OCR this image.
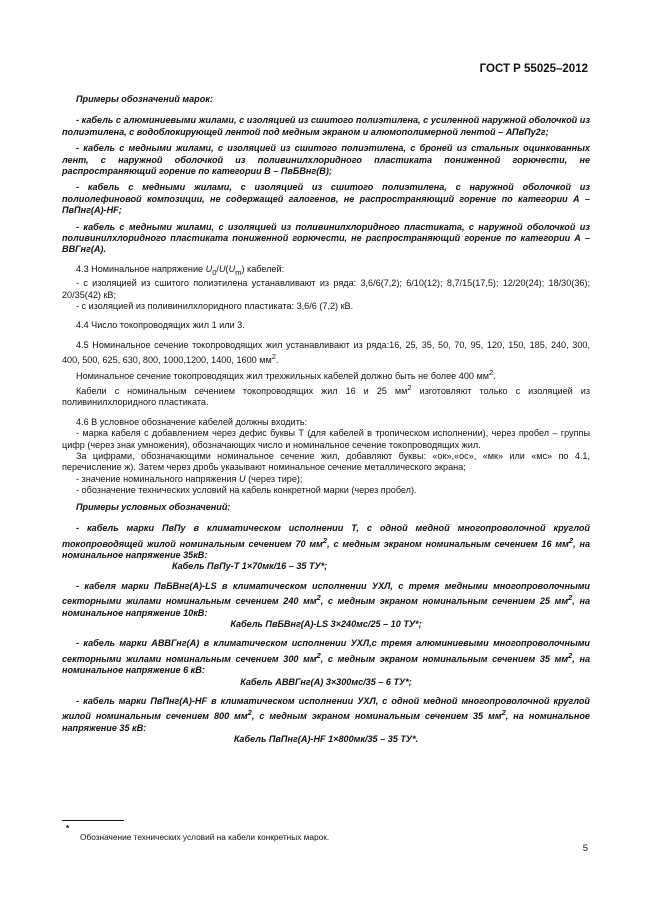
ГОСТ Р 55025–2012

Примеры обозначений марок:

- кабель с алюминиевыми жилами, с изоляцией из сшитого полиэтилена, с усиленной наружной оболочкой из полиэтилена, с водоблокирующей лентой под медным экраном и алюмополимерной лентой – АПвПу2г;

- кабель с медными жилами, с изоляцией из сшитого полиэтилена, с броней из стальных оцинкованных лент, с наружной оболочкой из поливинилхлоридного пластиката пониженной горючести, не распространяющий горение по категории В – ПвБВнг(В);

- кабель с медными жилами, с изоляцией из сшитого полиэтилена, с наружной оболочкой из полиолефиновой композиции, не содержащей галогенов, не распространяющий горение по категории А – ПвПнг(А)-HF;

- кабель с медными жилами, с изоляцией из поливинилхлоридного пластиката, с наружной оболочкой из поливинилхлоридного пластиката пониженной горючести, не распространяющий горение по категории А – ВВГнг(А).

4.3 Номинальное напряжение $U_0/U(U_m)$ кабелей:

- с изоляцией из сшитого полиэтилена устанавливают из ряда: 3,6/6(7,2); 6/10(12); 8,7/15(17,5); 12/20(24); 18/30(36); 20/35(42) кВ;

- с изоляцией из поливинилхлоридного пластиката: 3,6/6 (7,2) кВ.

4.4 Число токопроводящих жил 1 или 3.

4.5 Номинальное сечение токопроводящих жил устанавливают из ряда:16, 25, 35, 50, 70, 95, 120, 150, 185, 240, 300, 400, 500, 625, 630, 800, 1000,1200, 1400, 1600 $мм^2$.

Номинальное сечение токопроводящих жил трехжильных кабелей должно быть не более 400 $мм^2$.

Кабели с номинальным сечением токопроводящих жил 16 и 25 $мм^2$ изготовляют только с изоляцией из поливинилхлоридного пластиката.

4.6 В условное обозначение кабелей должны входить:

- марка кабеля с добавлением через дефис буквы Т (для кабелей в тропическом исполнении), через пробел – группы цифр (через знак умножения), обозначающих число и номинальное сечение токопроводящих жил.

За цифрами, обозначающими номинальное сечение жил, добавляют буквы: «ок»,«ос», «мк» или «мс» по 4.1, перечисление ж). Затем через дробь указывают номинальное сечение металлического экрана;

- значение номинального напряжения U (через тире);

- обозначение технических условий на кабель конкретной марки (через пробел).

Примеры условных обозначений:

- кабель марки ПвПу в климатическом исполнении Т, с одной медной многопроволочной круглой токопроводящей жилой номинальным сечением 70 $мм^2$, с медным экраном номинальным сечением 16 $мм^2$, на номинальное напряжение 35кВ:

Кабель ПвПу-Т 1×70мк/16 – 35 ТУ*;

- кабеля марки ПвБВнг(А)-LS в климатическом исполнении УХЛ, с тремя медными многопроволочными секторными жилами номинальным сечением 240 $мм^2$, с медным экраном номинальным сечением 25 $мм^2$, на номинальное напряжение 10кВ:

Кабель ПвБВнг(А)-LS 3×240мс/25 – 10 ТУ*;

- кабель марки АВВГнг(А) в климатическом исполнении УХЛ,с тремя алюминиевыми многопроволочными секторными жилами номинальным сечением 300 $мм^2$, с медным экраном номинальным сечением 35 $мм^2$, на номинальное напряжение 6 кВ:

Кабель АВВГнг(А) 3×300мс/35 – 6 ТУ*;

- кабель марки ПвПнг(А)-HF в климатическом исполнении УХЛ, с одной медной многопроволочной круглой жилой номинальным сечением 800 $мм^2$, с медным экраном номинальным сечением 35 $мм^2$, на номинальное напряжение 35 кВ:

Кабель ПвПнг(А)-HF 1×800мк/35 – 35 ТУ*.

*
Обозначение технических условий на кабели конкретных марок.
5
